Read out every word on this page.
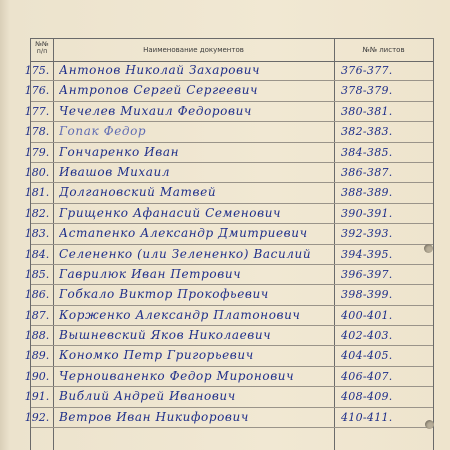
№№ п/п	Наименование документов	№№ листов
175. Антонов Николай Захарович	376-377.
176. Антропов Сергей Сергеевич	378-379.
177. Чечелев Михаил Федорович	380-381.
178. Гопак Федор	382-383.
179. Гончаренко Иван	384-385.
180. Ивашов Михаил	386-387.
181. Долгановский Матвей	388-389.
182. Грищенко Афанасий Семенович	390-391.
183. Астапенко Александр Дмитриевич	392-393.
184. Селененко (или Зелененко) Василий	394-395.
185. Гаврилюк Иван Петрович	396-397.
186. Гобкало Виктор Прокофьевич	398-399.
187. Корженко Александр Платонович	400-401.
188. Вышневский Яков Николаевич	402-403.
189. Кономко Петр Григорьевич	404-405.
190. Черноиваненко Федор Миронович	406-407.
191. Виблий Андрей Иванович	408-409.
192. Ветров Иван Никифорович	410-411.
